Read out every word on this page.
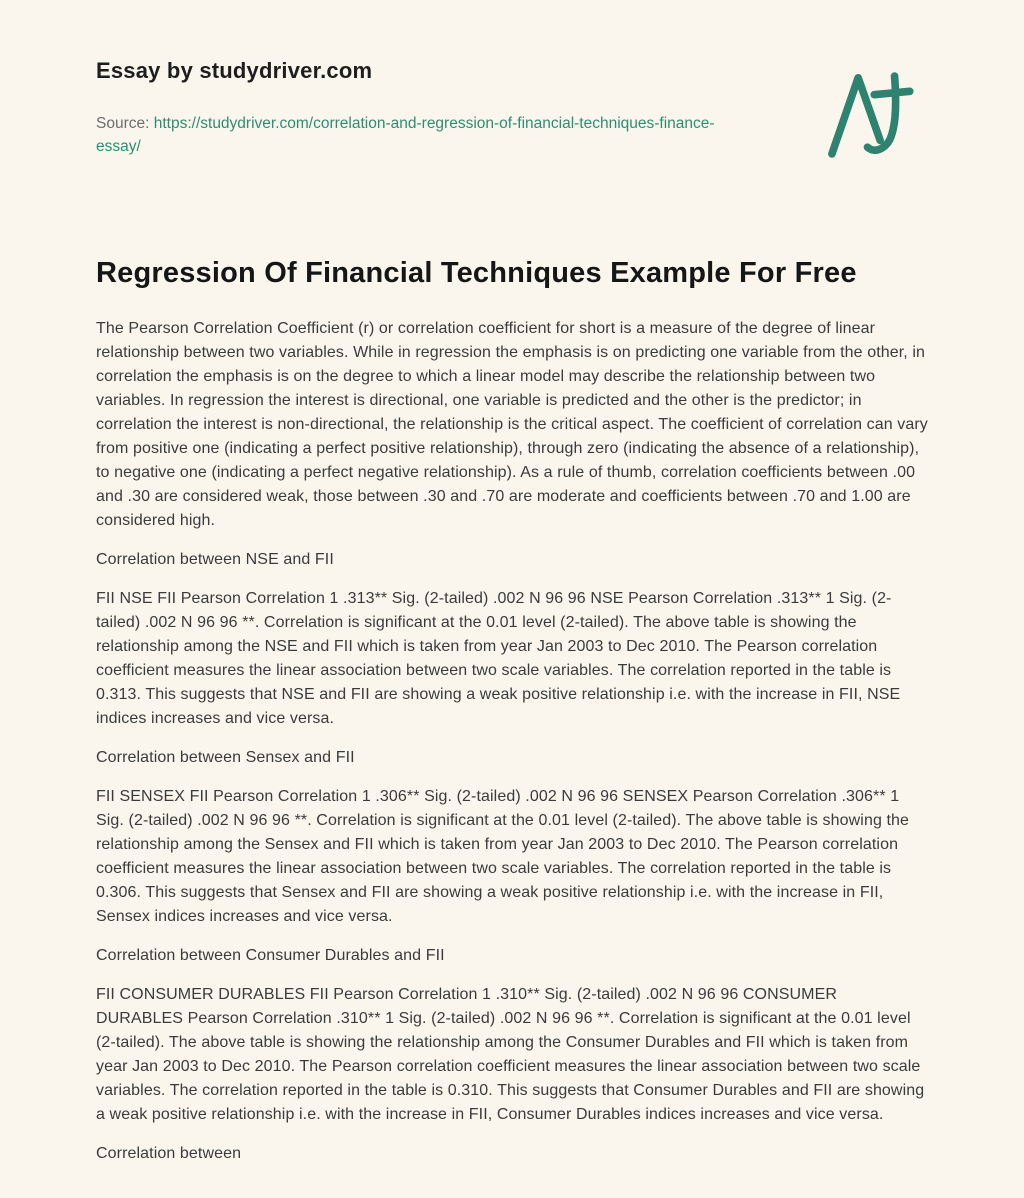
Essay by studydriver.com
Source: https://studydriver.com/correlation-and-regression-of-financial-techniques-finance-essay/
Regression Of Financial Techniques Example For Free

The Pearson Correlation Coefficient (r) or correlation coefficient for short is a measure of the degree of linear relationship between two variables. While in regression the emphasis is on predicting one variable from the other, in correlation the emphasis is on the degree to which a linear model may describe the relationship between two variables. In regression the interest is directional, one variable is predicted and the other is the predictor; in correlation the interest is non-directional, the relationship is the critical aspect. The coefficient of correlation can vary from positive one (indicating a perfect positive relationship), through zero (indicating the absence of a relationship), to negative one (indicating a perfect negative relationship). As a rule of thumb, correlation coefficients between .00 and .30 are considered weak, those between .30 and .70 are moderate and coefficients between .70 and 1.00 are considered high.

Correlation between NSE and FII

FII NSE FII Pearson Correlation 1 .313** Sig. (2-tailed) .002 N 96 96 NSE Pearson Correlation .313** 1 Sig. (2-tailed) .002 N 96 96 **. Correlation is significant at the 0.01 level (2-tailed). The above table is showing the relationship among the NSE and FII which is taken from year Jan 2003 to Dec 2010. The Pearson correlation coefficient measures the linear association between two scale variables. The correlation reported in the table is 0.313. This suggests that NSE and FII are showing a weak positive relationship i.e. with the increase in FII, NSE indices increases and vice versa.

Correlation between Sensex and FII

FII SENSEX FII Pearson Correlation 1 .306** Sig. (2-tailed) .002 N 96 96 SENSEX Pearson Correlation .306** 1 Sig. (2-tailed) .002 N 96 96 **. Correlation is significant at the 0.01 level (2-tailed). The above table is showing the relationship among the Sensex and FII which is taken from year Jan 2003 to Dec 2010. The Pearson correlation coefficient measures the linear association between two scale variables. The correlation reported in the table is 0.306. This suggests that Sensex and FII are showing a weak positive relationship i.e. with the increase in FII, Sensex indices increases and vice versa.

Correlation between Consumer Durables and FII

FII CONSUMER DURABLES FII Pearson Correlation 1 .310** Sig. (2-tailed) .002 N 96 96 CONSUMER DURABLES Pearson Correlation .310** 1 Sig. (2-tailed) .002 N 96 96 **. Correlation is significant at the 0.01 level (2-tailed). The above table is showing the relationship among the Consumer Durables and FII which is taken from year Jan 2003 to Dec 2010. The Pearson correlation coefficient measures the linear association between two scale variables. The correlation reported in the table is 0.310. This suggests that Consumer Durables and FII are showing a weak positive relationship i.e. with the increase in FII, Consumer Durables indices increases and vice versa.

Correlation between
